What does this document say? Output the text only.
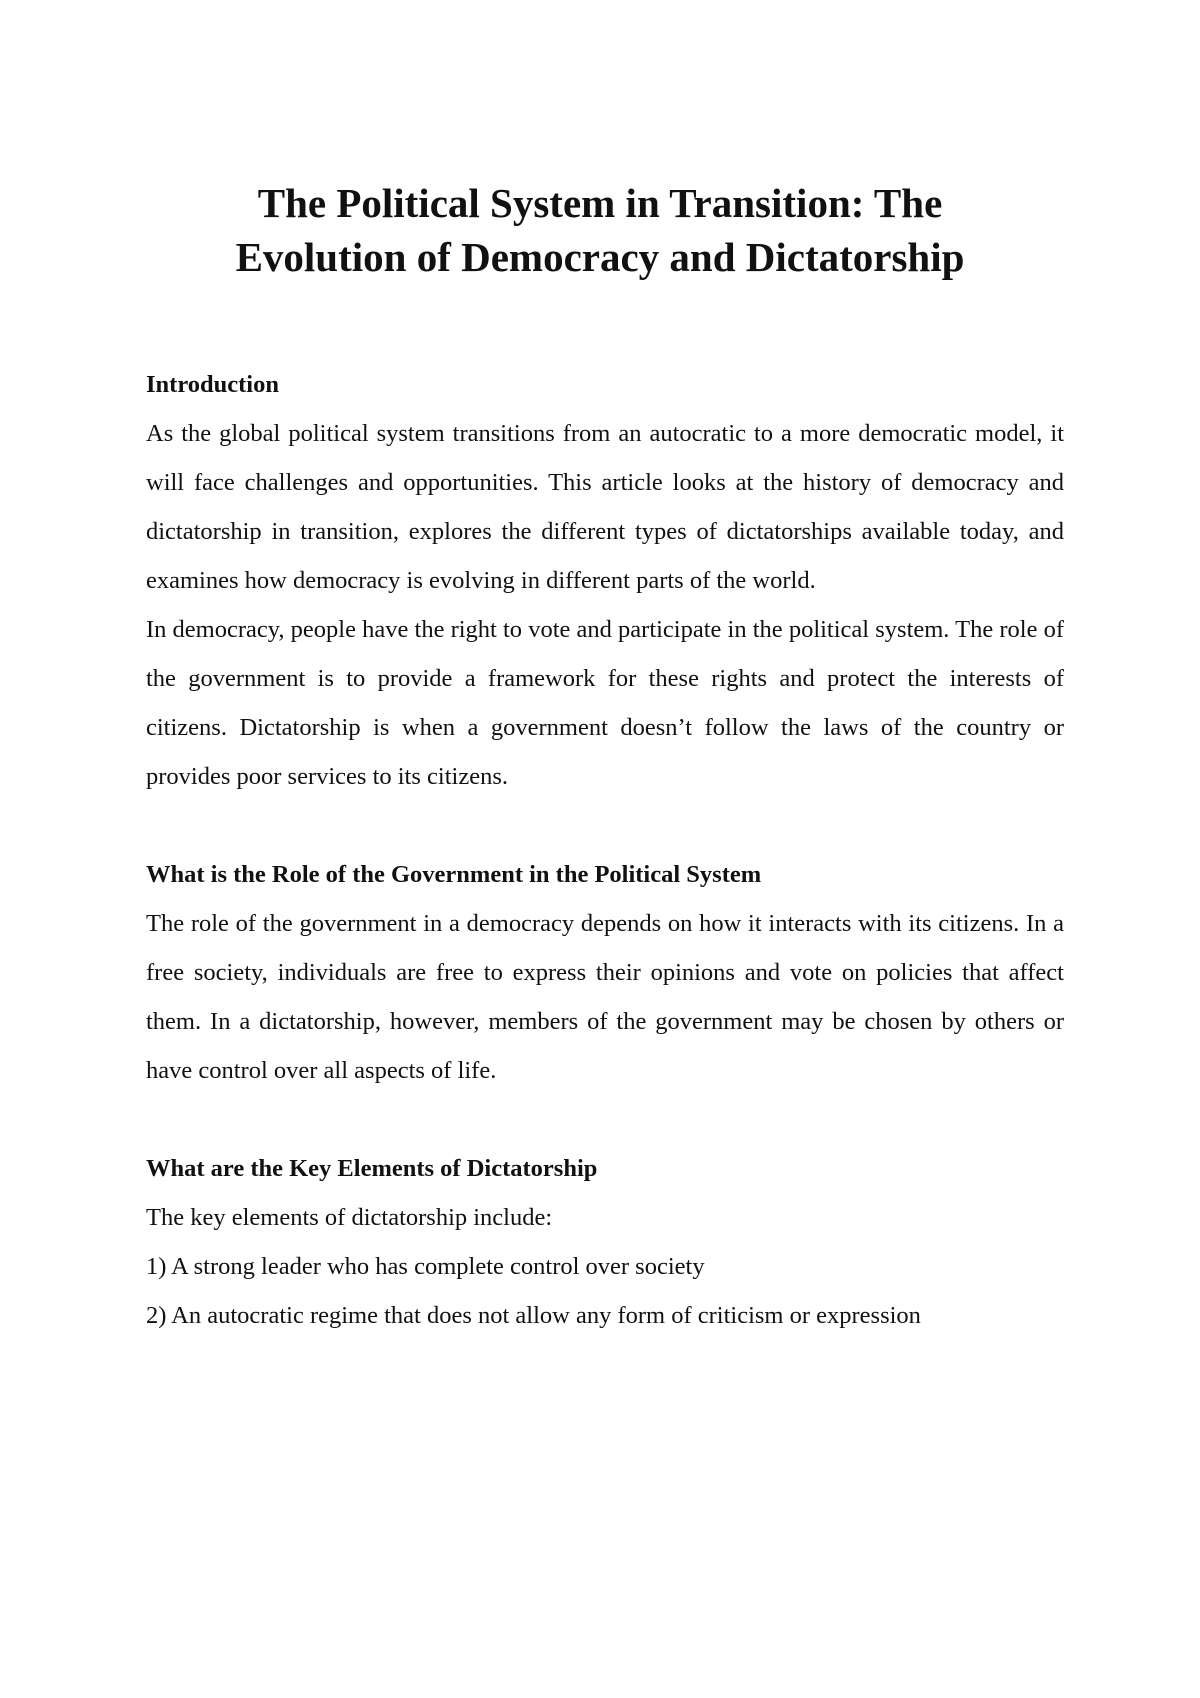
The Political System in Transition: The
Evolution of Democracy and Dictatorship
Introduction

As the global political system transitions from an autocratic to a more democratic model, it will face challenges and opportunities. This article looks at the history of democracy and dictatorship in transition, explores the different types of dictatorships available today, and examines how democracy is evolving in different parts of the world.

In democracy, people have the right to vote and participate in the political system. The role of the government is to provide a framework for these rights and protect the interests of citizens. Dictatorship is when a government doesn’t follow the laws of the country or provides poor services to its citizens.

What is the Role of the Government in the Political System

The role of the government in a democracy depends on how it interacts with its citizens. In a free society, individuals are free to express their opinions and vote on policies that affect them. In a dictatorship, however, members of the government may be chosen by others or have control over all aspects of life.

What are the Key Elements of Dictatorship

The key elements of dictatorship include:

1) A strong leader who has complete control over society

2) An autocratic regime that does not allow any form of criticism or expression
